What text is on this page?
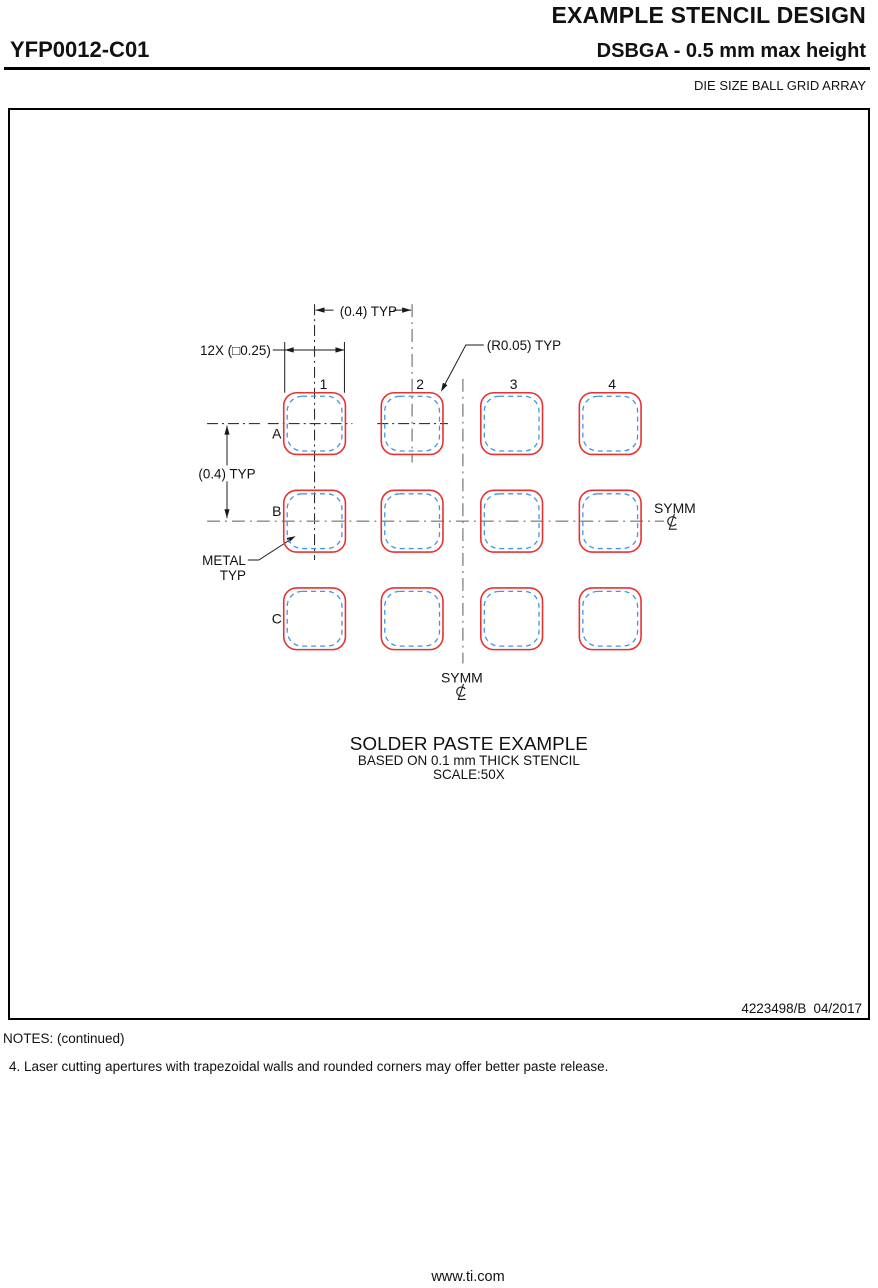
EXAMPLE STENCIL DESIGN
YFP0012-C01	DSBGA - 0.5 mm max height
DIE SIZE BALL GRID ARRAY
(0.4) TYP
12X (□0.25)
(0.4) TYP
(R0.05) TYP
METAL
TYP
SYMM
SYMM
A
B
C
1	2	3	4
SOLDER PASTE EXAMPLE
BASED ON 0.1 mm THICK STENCIL
SCALE:50X
4223498/B 04/2017
NOTES: (continued)
4. Laser cutting apertures with trapezoidal walls and rounded corners may offer better paste release.
www.ti.com
